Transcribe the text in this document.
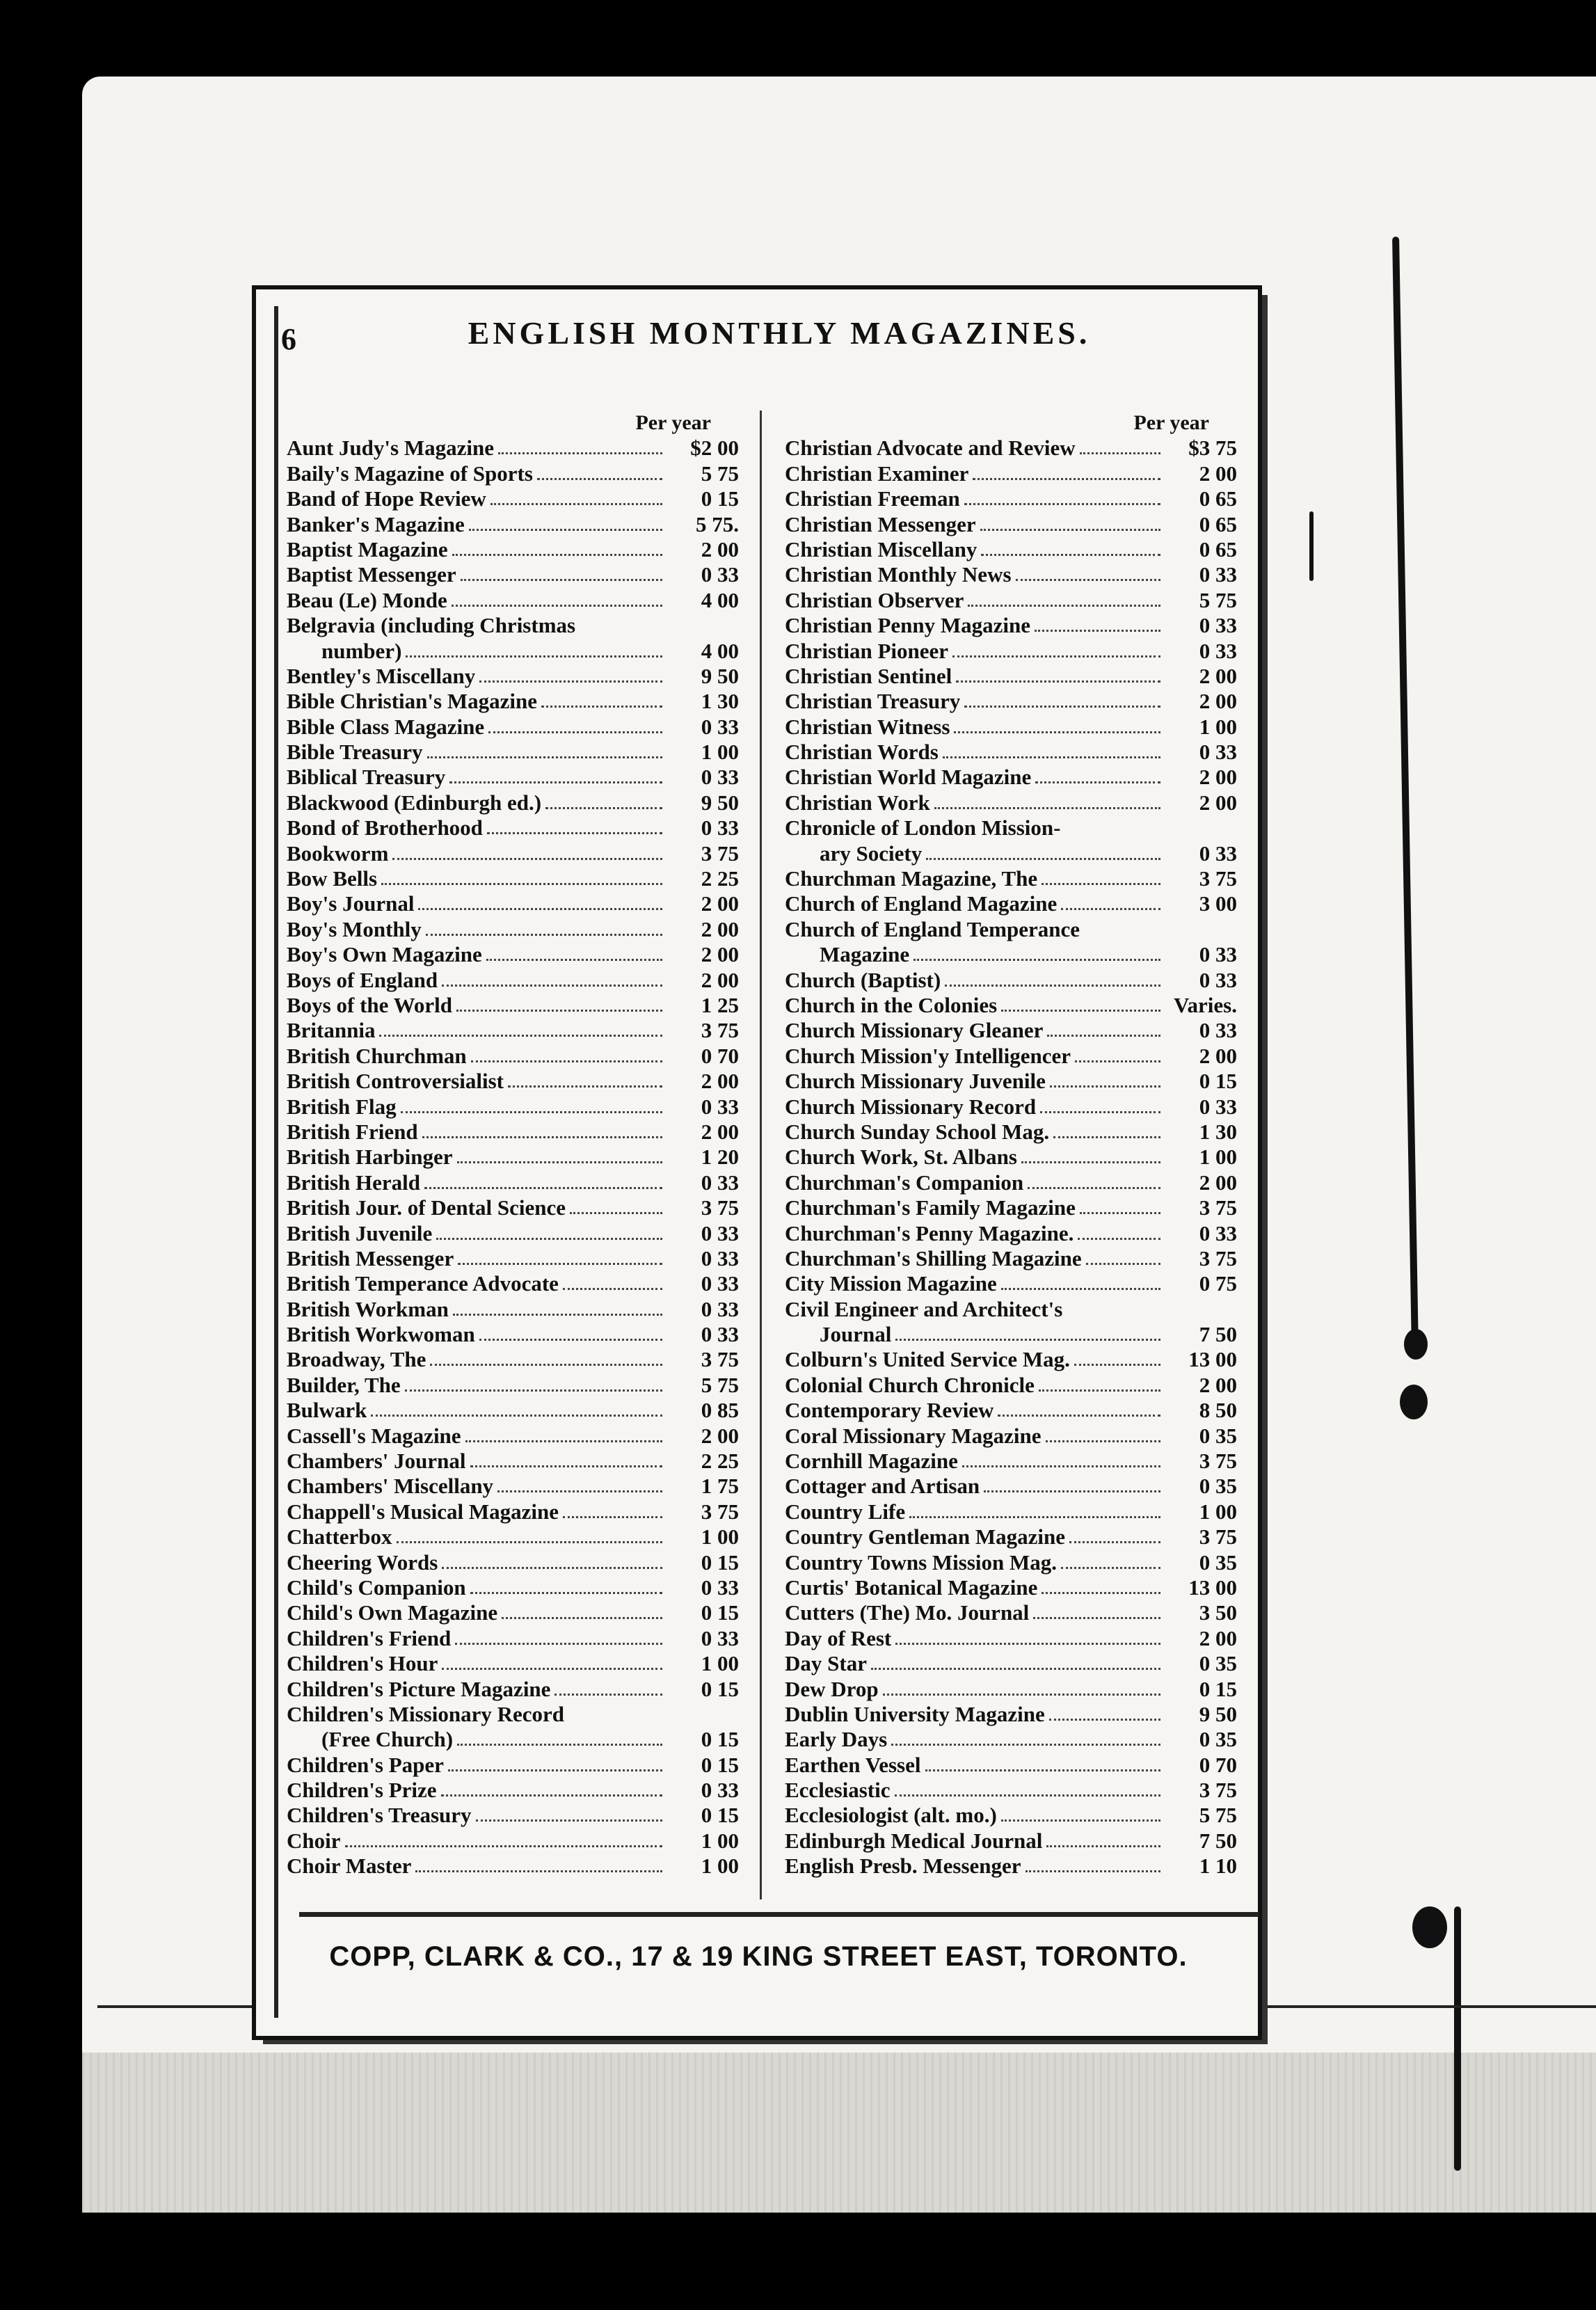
6	ENGLISH MONTHLY MAGAZINES.
Per year
Aunt Judy's Magazine	$2 00
Baily's Magazine of Sports	5 75
Band of Hope Review	0 15
Banker's Magazine	5 75.
Baptist Magazine	2 00
Baptist Messenger	0 33
Beau (Le) Monde	4 00
Belgravia (including Christmas
number)	4 00
Bentley's Miscellany	9 50
Bible Christian's Magazine	1 30
Bible Class Magazine	0 33
Bible Treasury	1 00
Biblical Treasury	0 33
Blackwood (Edinburgh ed.)	9 50
Bond of Brotherhood	0 33
Bookworm	3 75
Bow Bells	2 25
Boy's Journal	2 00
Boy's Monthly	2 00
Boy's Own Magazine	2 00
Boys of England	2 00
Boys of the World	1 25
Britannia	3 75
British Churchman	0 70
British Controversialist	2 00
British Flag	0 33
British Friend	2 00
British Harbinger	1 20
British Herald	0 33
British Jour. of Dental Science	3 75
British Juvenile	0 33
British Messenger	0 33
British Temperance Advocate	0 33
British Workman	0 33
British Workwoman	0 33
Broadway, The	3 75
Builder, The	5 75
Bulwark	0 85
Cassell's Magazine	2 00
Chambers' Journal	2 25
Chambers' Miscellany	1 75
Chappell's Musical Magazine	3 75
Chatterbox	1 00
Cheering Words	0 15
Child's Companion	0 33
Child's Own Magazine	0 15
Children's Friend	0 33
Children's Hour	1 00
Children's Picture Magazine	0 15
Children's Missionary Record
(Free Church)	0 15
Children's Paper	0 15
Children's Prize	0 33
Children's Treasury	0 15
Choir	1 00
Choir Master	1 00
Per year
Christian Advocate and Review	$3 75
Christian Examiner	2 00
Christian Freeman	0 65
Christian Messenger	0 65
Christian Miscellany	0 65
Christian Monthly News	0 33
Christian Observer	5 75
Christian Penny Magazine	0 33
Christian Pioneer	0 33
Christian Sentinel	2 00
Christian Treasury	2 00
Christian Witness	1 00
Christian Words	0 33
Christian World Magazine	2 00
Christian Work	2 00
Chronicle of London Mission-
ary Society	0 33
Churchman Magazine, The	3 75
Church of England Magazine	3 00
Church of England Temperance
Magazine	0 33
Church (Baptist)	0 33
Church in the Colonies	Varies.
Church Missionary Gleaner	0 33
Church Mission'y Intelligencer	2 00
Church Missionary Juvenile	0 15
Church Missionary Record	0 33
Church Sunday School Mag.	1 30
Church Work, St. Albans	1 00
Churchman's Companion	2 00
Churchman's Family Magazine	3 75
Churchman's Penny Magazine.	0 33
Churchman's Shilling Magazine	3 75
City Mission Magazine	0 75
Civil Engineer and Architect's
Journal	7 50
Colburn's United Service Mag.	13 00
Colonial Church Chronicle	2 00
Contemporary Review	8 50
Coral Missionary Magazine	0 35
Cornhill Magazine	3 75
Cottager and Artisan	0 35
Country Life	1 00
Country Gentleman Magazine	3 75
Country Towns Mission Mag.	0 35
Curtis' Botanical Magazine	13 00
Cutters (The) Mo. Journal	3 50
Day of Rest	2 00
Day Star	0 35
Dew Drop	0 15
Dublin University Magazine	9 50
Early Days	0 35
Earthen Vessel	0 70
Ecclesiastic	3 75
Ecclesiologist (alt. mo.)	5 75
Edinburgh Medical Journal	7 50
English Presb. Messenger	1 10
COPP, CLARK & CO., 17 & 19 KING STREET EAST, TORONTO.
